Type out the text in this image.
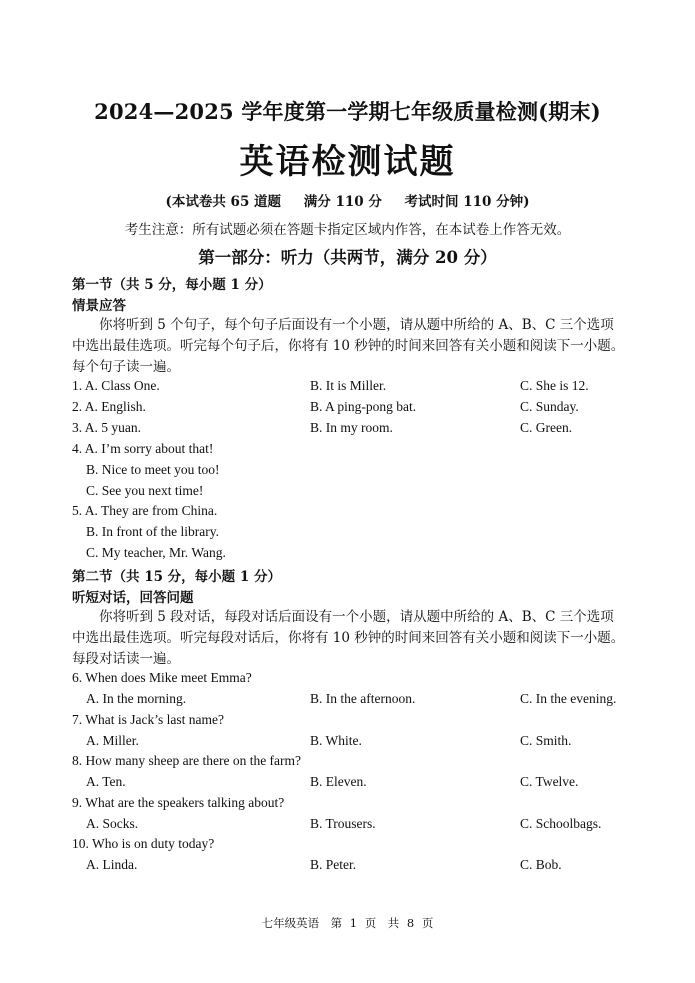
2024—2025 学年度第一学期七年级质量检测(期末)
英语检测试题
(本试卷共 65 道题 满分 110 分 考试时间 110 分钟)
考生注意：所有试题必须在答题卡指定区域内作答，在本试卷上作答无效。
第一部分：听力（共两节，满分 20 分）
第一节（共 5 分，每小题 1 分）
情景应答
你将听到 5 个句子，每个句子后面设有一个小题，请从题中所给的 A、B、C 三个选项
中选出最佳选项。听完每个句子后，你将有 10 秒钟的时间来回答有关小题和阅读下一小题。
每个句子读一遍。
1. A. Class One.	B. It is Miller.	C. She is 12.
2. A. English.	B. A ping-pong bat.	C. Sunday.
3. A. 5 yuan.	B. In my room.	C. Green.
4. A. I’m sorry about that!
B. Nice to meet you too!
C. See you next time!
5. A. They are from China.
B. In front of the library.
C. My teacher, Mr. Wang.
第二节（共 15 分，每小题 1 分）
听短对话，回答问题
你将听到 5 段对话，每段对话后面设有一个小题，请从题中所给的 A、B、C 三个选项
中选出最佳选项。听完每段对话后，你将有 10 秒钟的时间来回答有关小题和阅读下一小题。
每段对话读一遍。
6. When does Mike meet Emma?
A. In the morning.	B. In the afternoon.	C. In the evening.
7. What is Jack’s last name?
A. Miller.	B. White.	C. Smith.
8. How many sheep are there on the farm?
A. Ten.	B. Eleven.	C. Twelve.
9. What are the speakers talking about?
A. Socks.	B. Trousers.	C. Schoolbags.
10. Who is on duty today?
A. Linda.	B. Peter.	C. Bob.
七年级英语　第 1 页　共 8 页
